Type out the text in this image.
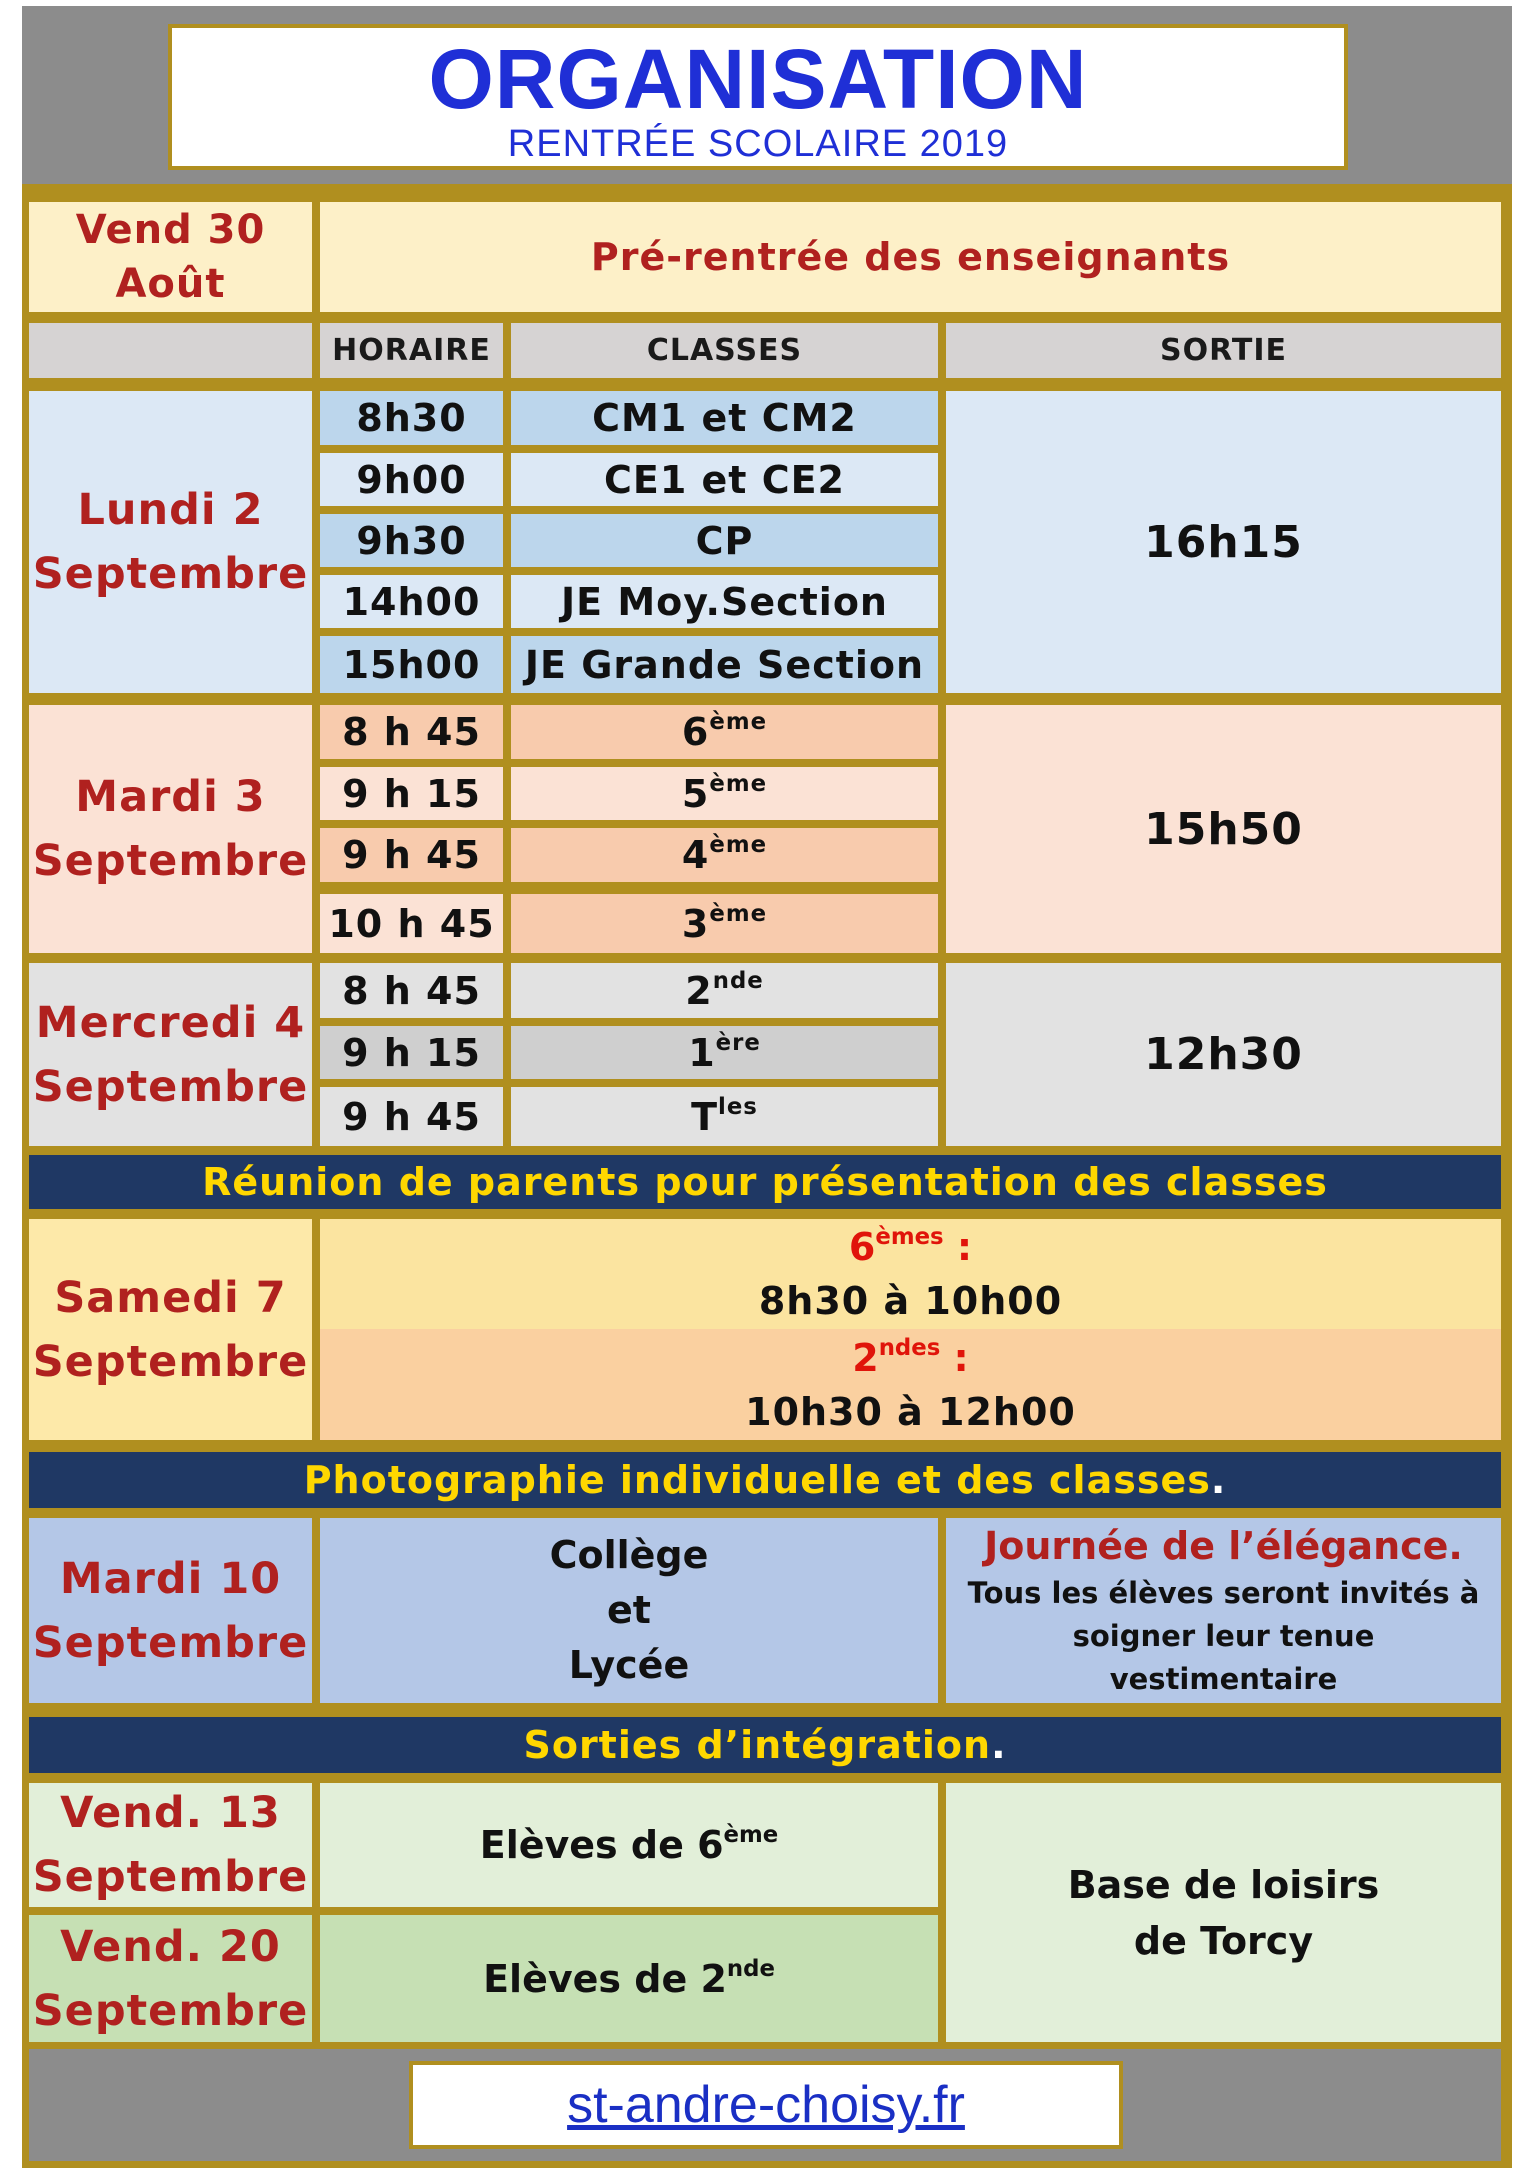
ORGANISATION
RENTRÉE SCOLAIRE 2019
Vend 30
Août
Pré-rentrée des enseignants
HORAIRE	CLASSES	SORTIE
Lundi 2
Septembre
8h30	CM1 et CM2
9h00	CE1 et CE2
9h30	CP
14h00	JE Moy.Section
15h00	JE Grande Section
16h15
Mardi 3
Septembre
8 h 45	6ème
9 h 15	5ème
9 h 45	4ème
10 h 45	3ème
15h50
Mercredi 4
Septembre
8 h 45	2nde
9 h 15	1ère
9 h 45	$T^{les}$
12h30
Réunion de parents pour présentation des classes
Samedi 7
Septembre
6èmes :
8h30 à 10h00
$2^{ndes}$ :
10h30 à 12h00
Photographie individuelle et des classes.
Mardi 10
Septembre
Collège
et
Lycée
Journée de l’élégance.
Tous les élèves seront invités à
soigner leur tenue
vestimentaire
Sorties d’intégration.
Vend. 13
Septembre
Elèves de 6ème
Vend. 20
Septembre
Elèves de 2nde
Base de loisirs
de Torcy
st-andre-choisy.fr
